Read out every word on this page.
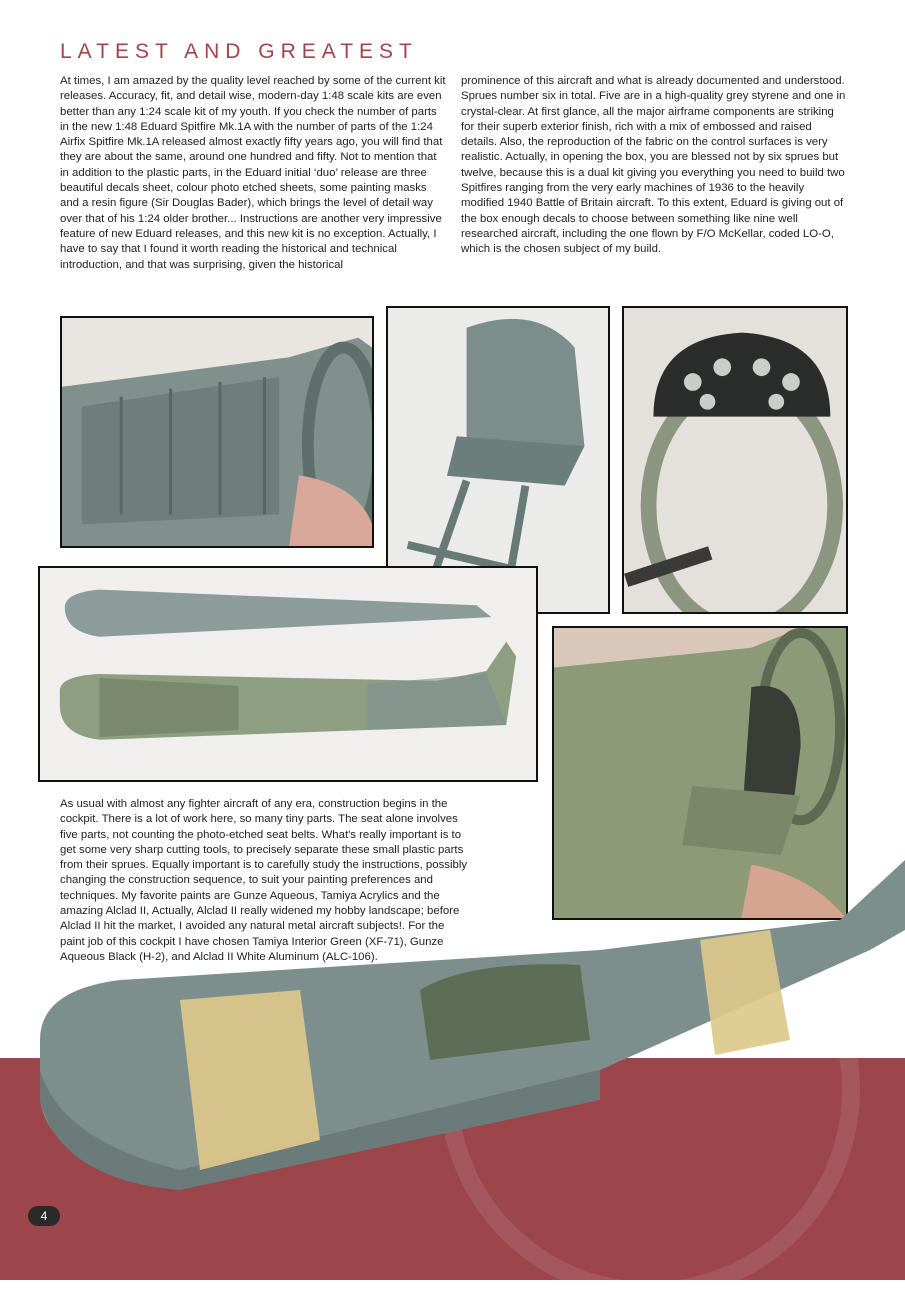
LATEST AND GREATEST

At times, I am amazed by the quality level reached by some of the current kit releases. Accuracy, fit, and detail wise, modern-day 1:48 scale kits are even better than any 1:24 scale kit of my youth. If you check the number of parts in the new 1:48 Eduard Spitfire Mk.1A with the number of parts of the 1:24 Airfix Spitfire Mk.1A released almost exactly fifty years ago, you will find that they are about the same, around one hundred and fifty. Not to mention that in addition to the plastic parts, in the Eduard initial ‘duo’ release are three beautiful decals sheet, colour photo etched sheets, some painting masks and a resin figure (Sir Douglas Bader), which brings the level of detail way over that of his 1:24 older brother... Instructions are another very impressive feature of new Eduard releases, and this new kit is no exception. Actually, I have to say that I found it worth reading the historical and technical introduction, and that was surprising, given the historical

prominence of this aircraft and what is already documented and understood.

Sprues number six in total. Five are in a high-quality grey styrene and one in crystal-clear. At first glance, all the major airframe components are striking for their superb exterior finish, rich with a mix of embossed and raised details. Also, the reproduction of the fabric on the control surfaces is very realistic. Actually, in opening the box, you are blessed not by six sprues but twelve, because this is a dual kit giving you everything you need to build two Spitfires ranging from the very early machines of 1936 to the heavily modified 1940 Battle of Britain aircraft. To this extent, Eduard is giving out of the box enough decals to choose between something like nine well researched aircraft, including the one flown by F/O McKellar, coded LO-O, which is the chosen subject of my build.

As usual with almost any fighter aircraft of any era, construction begins in the cockpit. There is a lot of work here, so many tiny parts. The seat alone involves five parts, not counting the photo-etched seat belts. What's really important is to get some very sharp cutting tools, to precisely separate these small plastic parts from their sprues. Equally important is to carefully study the instructions, possibly changing the construction sequence, to suit your painting preferences and techniques. My favorite paints are Gunze Aqueous, Tamiya Acrylics and the amazing Alclad II, Actually, Alclad II really widened my hobby landscape; before Alclad II hit the market, I avoided any natural metal aircraft subjects!. For the paint job of this cockpit I have chosen Tamiya Interior Green (XF-71), Gunze Aqueous Black (H-2), and Alclad II White Aluminum (ALC-106).

4
